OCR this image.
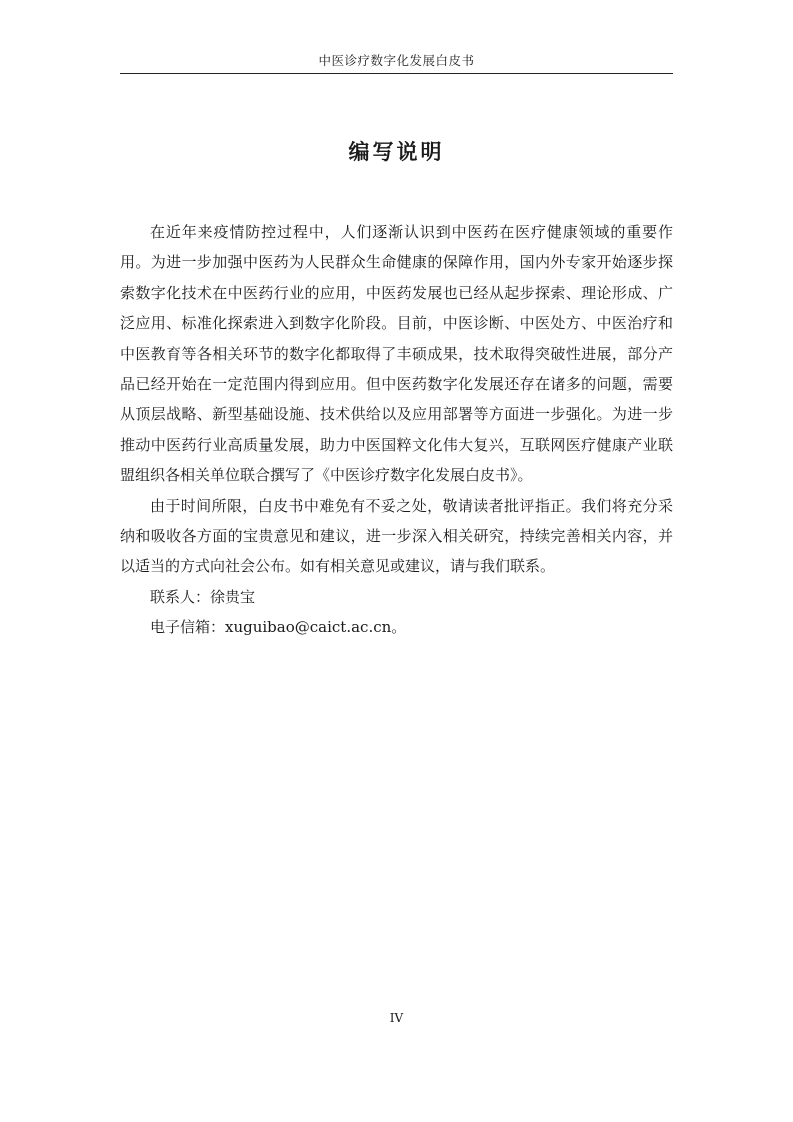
中医诊疗数字化发展白皮书
编写说明

在近年来疫情防控过程中，人们逐渐认识到中医药在医疗健康领域的重要作用。为进一步加强中医药为人民群众生命健康的保障作用，国内外专家开始逐步探索数字化技术在中医药行业的应用，中医药发展也已经从起步探索、理论形成、广泛应用、标准化探索进入到数字化阶段。目前，中医诊断、中医处方、中医治疗和中医教育等各相关环节的数字化都取得了丰硕成果，技术取得突破性进展，部分产品已经开始在一定范围内得到应用。但中医药数字化发展还存在诸多的问题，需要从顶层战略、新型基础设施、技术供给以及应用部署等方面进一步强化。为进一步推动中医药行业高质量发展，助力中医国粹文化伟大复兴，互联网医疗健康产业联盟组织各相关单位联合撰写了《中医诊疗数字化发展白皮书》。

由于时间所限，白皮书中难免有不妥之处，敬请读者批评指正。我们将充分采纳和吸收各方面的宝贵意见和建议，进一步深入相关研究，持续完善相关内容，并以适当的方式向社会公布。如有相关意见或建议，请与我们联系。

联系人：徐贵宝

电子信箱：xuguibao@caict.ac.cn。

IV
